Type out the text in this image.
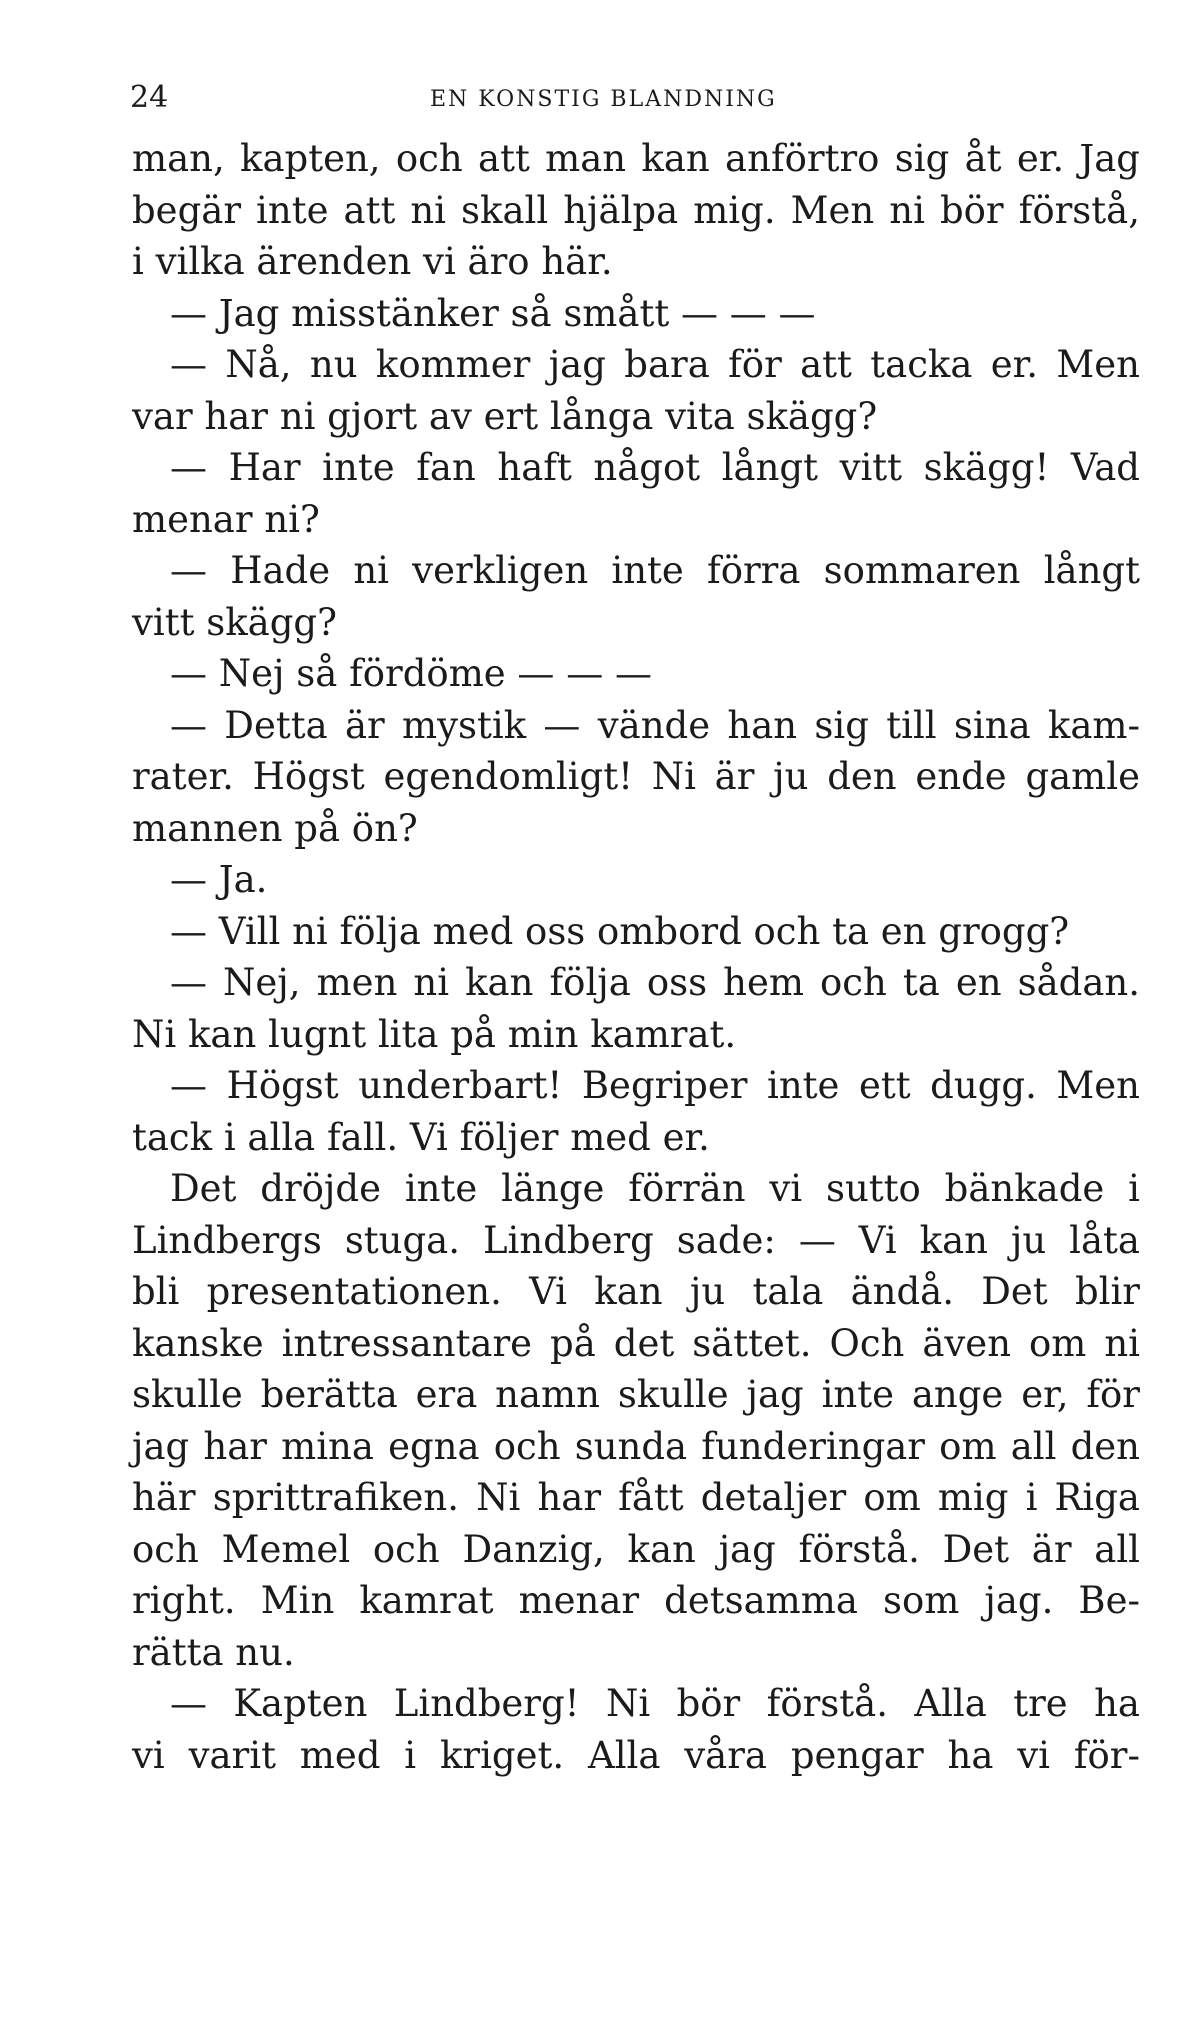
24	EN KONSTIG BLANDNING
man, kapten, och att man kan anförtro sig åt er. Jag
begär inte att ni skall hjälpa mig. Men ni bör förstå,
i vilka ärenden vi äro här.
— Jag misstänker så smått — — —
— Nå, nu kommer jag bara för att tacka er. Men
var har ni gjort av ert långa vita skägg?
— Har inte fan haft något långt vitt skägg! Vad
menar ni?
— Hade ni verkligen inte förra sommaren långt
vitt skägg?
— Nej så fördöme — — —
— Detta är mystik — vände han sig till sina kam-
rater. Högst egendomligt! Ni är ju den ende gamle
mannen på ön?
— Ja.
— Vill ni följa med oss ombord och ta en grogg?
— Nej, men ni kan följa oss hem och ta en sådan.
Ni kan lugnt lita på min kamrat.
— Högst underbart! Begriper inte ett dugg. Men
tack i alla fall. Vi följer med er.
Det dröjde inte länge förrän vi sutto bänkade i
Lindbergs stuga. Lindberg sade: — Vi kan ju låta
bli presentationen. Vi kan ju tala ändå. Det blir
kanske intressantare på det sättet. Och även om ni
skulle berätta era namn skulle jag inte ange er, för
jag har mina egna och sunda funderingar om all den
här sprittrafiken. Ni har fått detaljer om mig i Riga
och Memel och Danzig, kan jag förstå. Det är all
right. Min kamrat menar detsamma som jag. Be-
rätta nu.
— Kapten Lindberg! Ni bör förstå. Alla tre ha
vi varit med i kriget. Alla våra pengar ha vi för-
